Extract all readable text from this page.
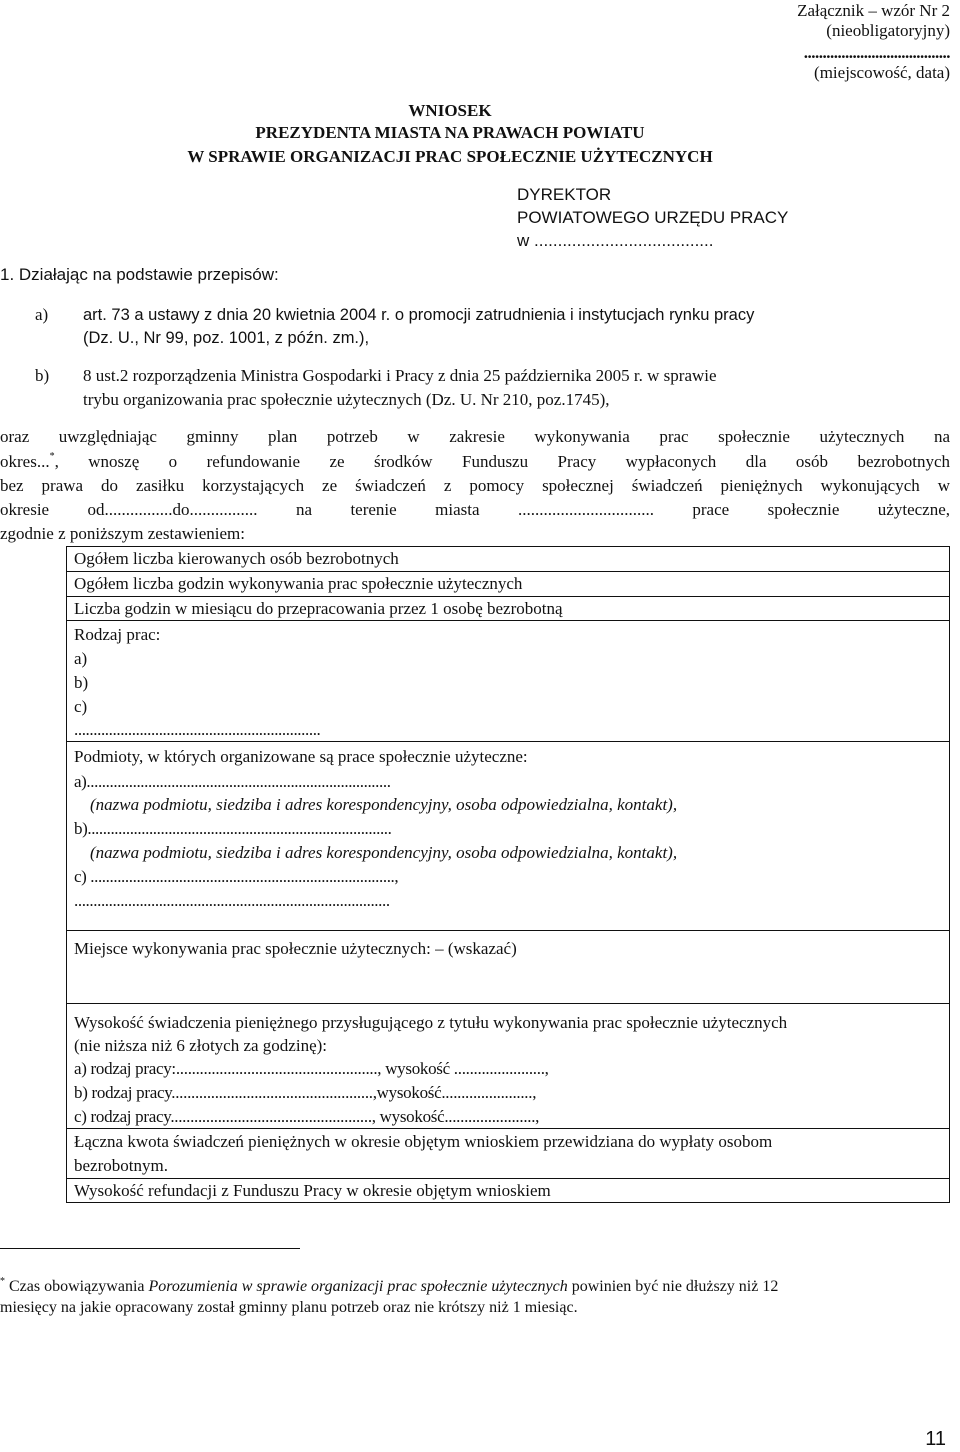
Załącznik – wzór Nr 2
(nieobligatoryjny)
.......................................
(miejscowość, data)
WNIOSEK
PREZYDENTA MIASTA NA PRAWACH POWIATU
W SPRAWIE ORGANIZACJI PRAC SPOŁECZNIE UŻYTECZNYCH
DYREKTOR
POWIATOWEGO URZĘDU PRACY
w ......................................
1. Działając na podstawie przepisów:
a) art. 73 a ustawy z dnia 20 kwietnia 2004 r. o promocji zatrudnienia i instytucjach rynku pracy
(Dz. U., Nr 99, poz. 1001, z późn. zm.),
b) 8 ust.2 rozporządzenia Ministra Gospodarki i Pracy z dnia 25 października 2005 r. w sprawie
trybu organizowania prac społecznie użytecznych (Dz. U. Nr 210, poz.1745),
oraz uwzględniając gminny plan potrzeb w zakresie wykonywania prac społecznie użytecznych na
okres...*, wnoszę o refundowanie ze środków Funduszu Pracy wypłaconych dla osób bezrobotnych
bez prawa do zasiłku korzystających ze świadczeń z pomocy społecznej świadczeń pieniężnych wykonujących w
okresie od................do................ na terenie miasta ................................ prace społecznie użyteczne,
zgodnie z poniższym zestawieniem:
Ogółem liczba kierowanych osób bezrobotnych
Ogółem liczba godzin wykonywania prac społecznie użytecznych
Liczba godzin w miesiącu do przepracowania przez 1 osobę bezrobotną
Rodzaj prac:
a)
b)
c)
................................................................
Podmioty, w których organizowane są prace społecznie użyteczne:
a)...............................................................................
(nazwa podmiotu, siedziba i adres korespondencyjny, osoba odpowiedzialna, kontakt),
b)...............................................................................
(nazwa podmiotu, siedziba i adres korespondencyjny, osoba odpowiedzialna, kontakt),
c) ...............................................................................,
..................................................................................
Miejsce wykonywania prac społecznie użytecznych: – (wskazać)
Wysokość świadczenia pieniężnego przysługującego z tytułu wykonywania prac społecznie użytecznych
(nie niższa niż 6 złotych za godzinę):
a) rodzaj pracy:..................................................., wysokość .......................,
b) rodzaj pracy...................................................,wysokość.......................,
c) rodzaj pracy..................................................., wysokość.......................,
Łączna kwota świadczeń pieniężnych w okresie objętym wnioskiem przewidziana do wypłaty osobom
bezrobotnym.
Wysokość refundacji z Funduszu Pracy w okresie objętym wnioskiem
* Czas obowiązywania Porozumienia w sprawie organizacji prac społecznie użytecznych powinien być nie dłuższy niż 12
miesięcy na jakie opracowany został gminny planu potrzeb oraz nie krótszy niż 1 miesiąc.
11
